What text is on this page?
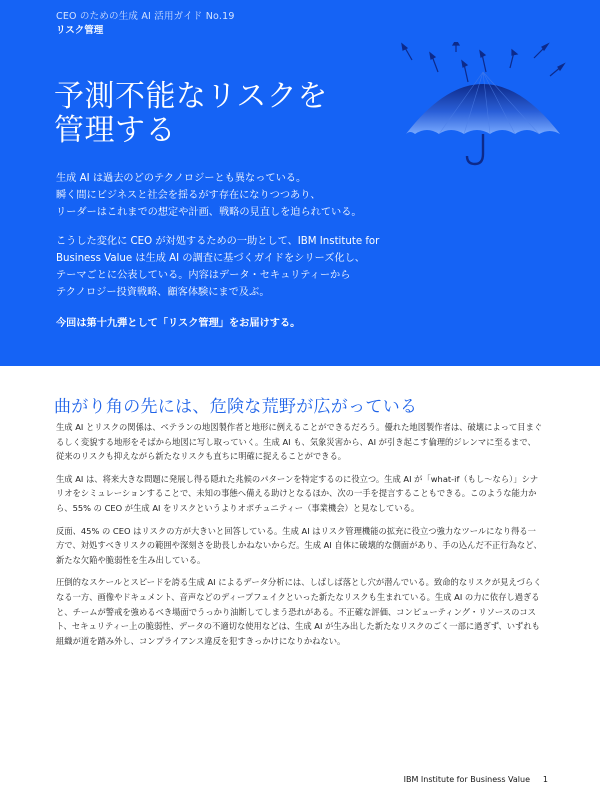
CEO のための生成 AI 活用ガイド No.19
リスク管理
予測不能なリスクを
管理する

生成 AI は過去のどのテクノロジーとも異なっている。
瞬く間にビジネスと社会を揺るがす存在になりつつあり、
リーダーはこれまでの想定や計画、戦略の見直しを迫られている。

こうした変化に CEO が対処するための一助として、IBM Institute for
Business Value は生成 AI の調査に基づくガイドをシリーズ化し、
テーマごとに公表している。内容はデータ・セキュリティーから
テクノロジー投資戦略、顧客体験にまで及ぶ。

今回は第十九弾として「リスク管理」をお届けする。

曲がり角の先には、危険な荒野が広がっている

生成 AI とリスクの関係は、ベテランの地図製作者と地形に例えることができるだろう。優れた地図製作者は、破壊によって目まぐるしく変貌する地形をそばから地図に写し取っていく。生成 AI も、気象災害から、AI が引き起こす倫理的ジレンマに至るまで、従来のリスクも抑えながら新たなリスクも直ちに明確に捉えることができる。

生成 AI は、将来大きな問題に発展し得る隠れた兆候のパターンを特定するのに役立つ。生成 AI が「what-if（もし～なら）」シナリオをシミュレーションすることで、未知の事態へ備える助けとなるほか、次の一手を提言することもできる。このような能力から、55% の CEO が生成 AI をリスクというよりオポチュニティー（事業機会）と見なしている。

反面、45% の CEO はリスクの方が大きいと回答している。生成 AI はリスク管理機能の拡充に役立つ強力なツールになり得る一方で、対処すべきリスクの範囲や深刻さを助長しかねないからだ。生成 AI 自体に破壊的な側面があり、手の込んだ不正行為など、新たな欠陥や脆弱性を生み出している。

圧倒的なスケールとスピードを誇る生成 AI によるデータ分析には、しばしば落とし穴が潜んでいる。致命的なリスクが見えづらくなる一方、画像やドキュメント、音声などのディープフェイクといった新たなリスクも生まれている。生成 AI の力に依存し過ぎると、チームが警戒を強めるべき場面でうっかり油断してしまう恐れがある。不正確な評価、コンピューティング・リソースのコスト、セキュリティー上の脆弱性、データの不適切な使用などは、生成 AI が生み出した新たなリスクのごく一部に過ぎず、いずれも組織が道を踏み外し、コンプライアンス違反を犯すきっかけになりかねない。

IBM Institute for Business Value 1
